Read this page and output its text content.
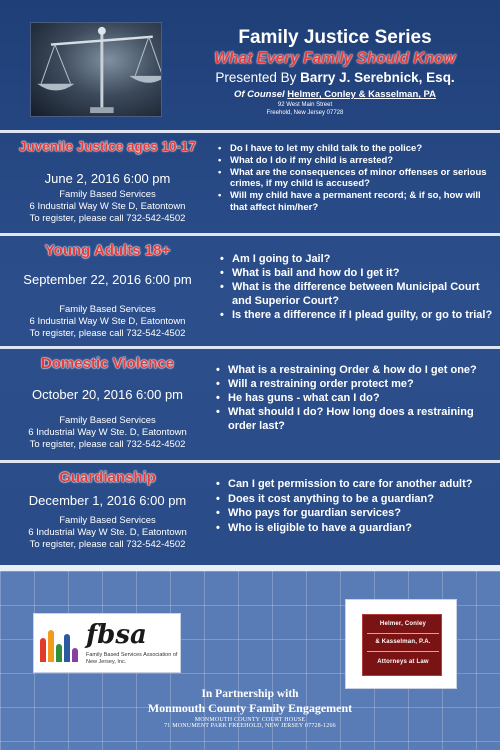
Family Justice Series
What Every Family Should Know
Presented By Barry J. Serebnick, Esq.
Of Counsel Helmer, Conley & Kasselman, PA
92 West Main Street
Freehold, New Jersey 07728
Juvenile Justice ages 10-17
June 2, 2016 6:00 pm
Family Based Services
6 Industrial Way W Ste D, Eatontown
To register, please call 732-542-4502
• Do I have to let my child talk to the police?
• What do I do if my child is arrested?
• What are the consequences of minor offenses or serious crimes, if my child is accused?
• Will my child have a permanent record; & if so, how will that affect him/her?
Young Adults 18+
September 22, 2016 6:00 pm
Family Based Services
6 Industrial Way W Ste D, Eatontown
To register, please call 732-542-4502
• Am I going to Jail?
• What is bail and how do I get it?
• What is the difference between Municipal Court and Superior Court?
• Is there a difference if I plead guilty, or go to trial?
Domestic Violence
October 20, 2016 6:00 pm
Family Based Services
6 Industrial Way W Ste. D, Eatontown
To register, please call 732-542-4502
• What is a restraining Order & how do I get one?
• Will a restraining order protect me?
• He has guns - what can I do?
• What should I do? How long does a restraining order last?
Guardianship
December 1, 2016 6:00 pm
Family Based Services
6 Industrial Way W Ste. D, Eatontown
To register, please call 732-542-4502
• Can I get permission to care for another adult?
• Does it cost anything to be a guardian?
• Who pays for guardian services?
• Who is eligible to have a guardian?
fbsa
Family Based Services Association of New Jersey, Inc.
Helmer, Conley
& Kasselman, P.A.
Attorneys at Law
In Partnership with
Monmouth County Family Engagement
MONMOUTH COUNTY COURT HOUSE
71 MONUMENT PARK FREEHOLD, NEW JERSEY 07728-1266
